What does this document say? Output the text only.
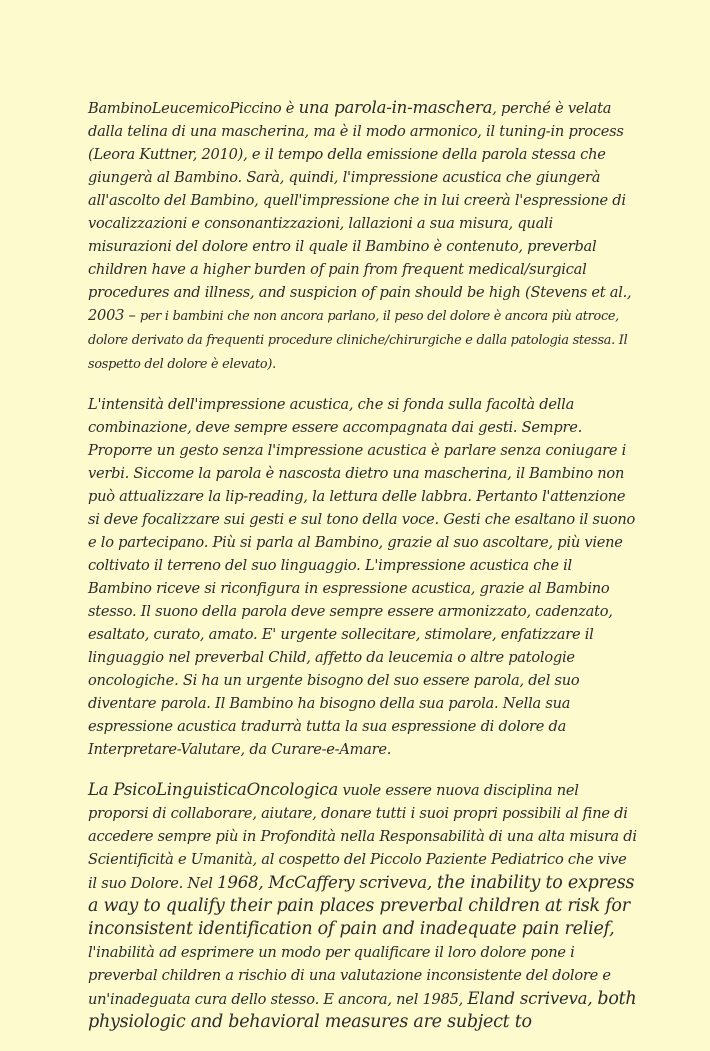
BambinoLeucemicoPiccino è una parola-in-maschera, perché è velata dalla telina di una mascherina, ma è il modo armonico, il tuning-in process (Leora Kuttner, 2010), e il tempo della emissione della parola stessa che giungerà al Bambino. Sarà, quindi, l'impressione acustica che giungerà all'ascolto del Bambino, quell'impressione che in lui creerà l'espressione di vocalizzazioni e consonantizzazioni, lallazioni a sua misura, quali misurazioni del dolore entro il quale il Bambino è contenuto, preverbal children have a higher burden of pain from frequent medical/surgical procedures and illness, and suspicion of pain should be high (Stevens et al., 2003 – per i bambini che non ancora parlano, il peso del dolore è ancora più atroce, dolore derivato da frequenti procedure cliniche/chirurgiche e dalla patologia stessa. Il sospetto del dolore è elevato).

L'intensità dell'impressione acustica, che si fonda sulla facoltà della combinazione, deve sempre essere accompagnata dai gesti. Sempre. Proporre un gesto senza l'impressione acustica è parlare senza coniugare i verbi. Siccome la parola è nascosta dietro una mascherina, il Bambino non può attualizzare la lip-reading, la lettura delle labbra. Pertanto l'attenzione si deve focalizzare sui gesti e sul tono della voce. Gesti che esaltano il suono e lo partecipano. Più si parla al Bambino, grazie al suo ascoltare, più viene coltivato il terreno del suo linguaggio. L'impressione acustica che il Bambino riceve si riconfigura in espressione acustica, grazie al Bambino stesso. Il suono della parola deve sempre essere armonizzato, cadenzato, esaltato, curato, amato. E' urgente sollecitare, stimolare, enfatizzare il linguaggio nel preverbal Child, affetto da leucemia o altre patologie oncologiche. Si ha un urgente bisogno del suo essere parola, del suo diventare parola. Il Bambino ha bisogno della sua parola. Nella sua espressione acustica tradurrà tutta la sua espressione di dolore da Interpretare-Valutare, da Curare-e-Amare.

La PsicoLinguisticaOncologica vuole essere nuova disciplina nel proporsi di collaborare, aiutare, donare tutti i suoi propri possibili al fine di accedere sempre più in Profondità nella Responsabilità di una alta misura di Scientificità e Umanità, al cospetto del Piccolo Paziente Pediatrico che vive il suo Dolore. Nel 1968, McCaffery scriveva, the inability to express a way to qualify their pain places preverbal children at risk for inconsistent identification of pain and inadequate pain relief, l'inabilità ad esprimere un modo per qualificare il loro dolore pone i preverbal children a rischio di una valutazione inconsistente del dolore e un'inadeguata cura dello stesso. E ancora, nel 1985, Eland scriveva, both physiologic and behavioral measures are subject to
